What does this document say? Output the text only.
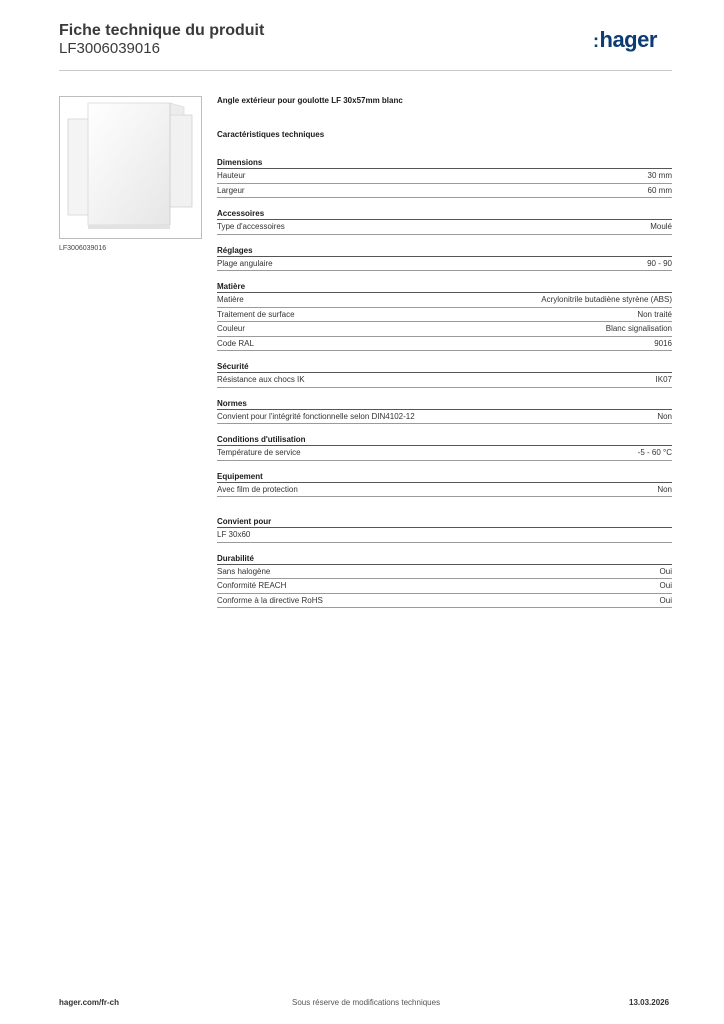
Fiche technique du produit
LF3006039016	:hager
LF3006039016
Angle extérieur pour goulotte LF 30x57mm blanc
Caractéristiques techniques
Dimensions
Hauteur	30 mm
Largeur	60 mm
Accessoires
Type d'accessoires	Moulé
Réglages
Plage angulaire	90 - 90
Matière
Matière	Acrylonitrile butadiène styrène (ABS)
Traitement de surface	Non traité
Couleur	Blanc signalisation
Code RAL	9016
Sécurité
Résistance aux chocs IK	IK07
Normes
Convient pour l'intégrité fonctionnelle selon DIN4102-12	Non
Conditions d'utilisation
Température de service	-5 - 60 °C
Equipement
Avec film de protection	Non
Convient pour
LF 30x60
Durabilité
Sans halogène	Oui
Conformité REACH	Oui
Conforme à la directive RoHS	Oui
hager.com/fr-ch	Sous réserve de modifications techniques	13.03.2026
